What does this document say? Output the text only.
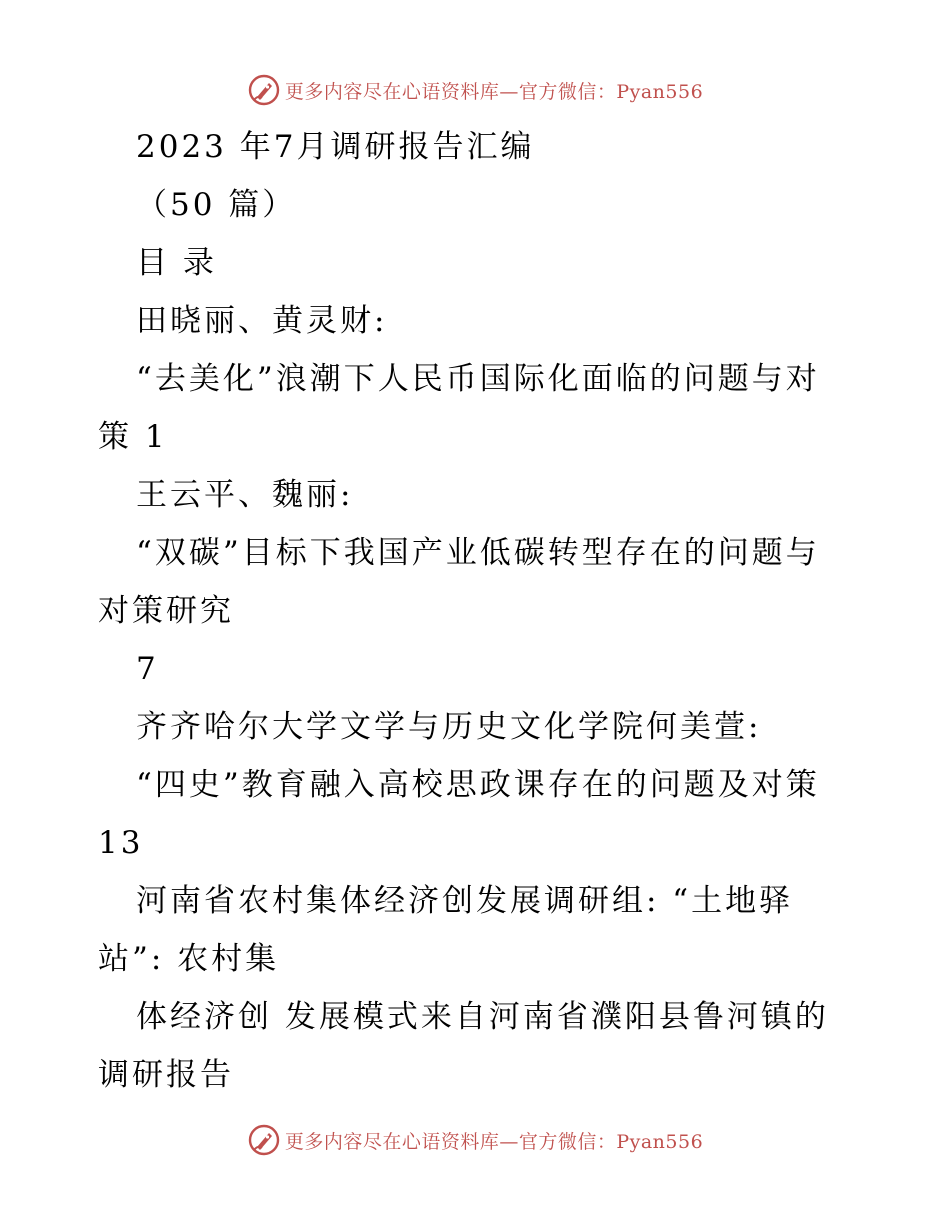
更多内容尽在心语资料库—官方微信：Pyan556
2023 年7月调研报告汇编
（50 篇）
目 录
田晓丽、黄灵财:
“去美化”浪潮下人民币国际化面临的问题与对
策 1
王云平、魏丽:
“双碳”目标下我国产业低碳转型存在的问题与
对策研究
7
齐齐哈尔大学文学与历史文化学院何美萱:
“四史”教育融入高校思政课存在的问题及对策
13
河南省农村集体经济创发展调研组: “土地驿
站”: 农村集
体经济创 发展模式来自河南省濮阳县鲁河镇的
调研报告
更多内容尽在心语资料库—官方微信：Pyan556
